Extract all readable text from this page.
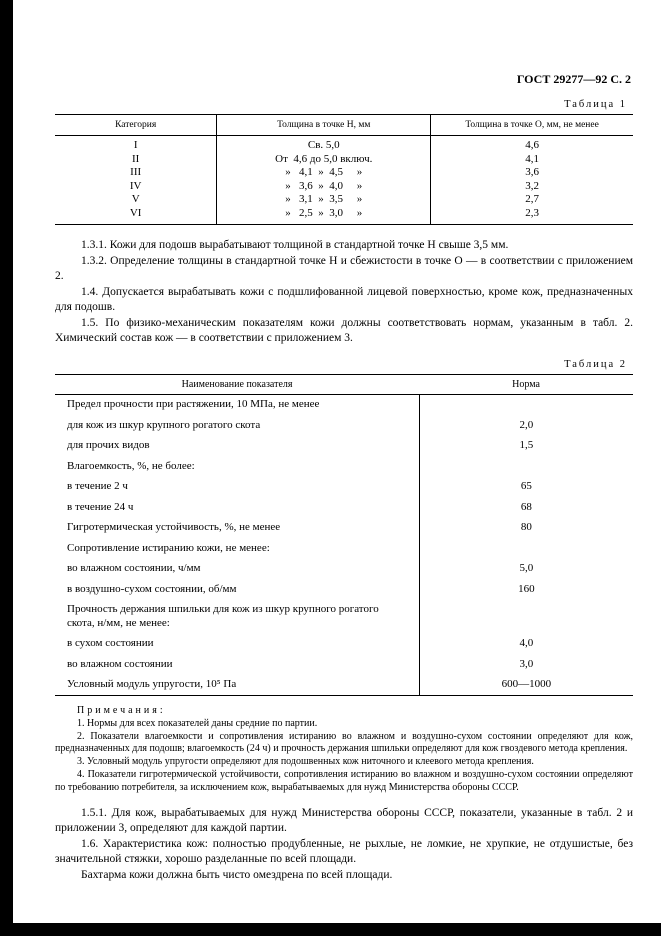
ГОСТ 29277—92 С. 2
Таблица 1
Категория	Толщина в точке Н, мм	Толщина в точке О, мм, не менее
I	Св. 5,0	4,6
II	От  4,6 до 5,0 включ.	4,1
III	»   4,1  »  4,5     »	3,6
IV	»   3,6  »  4,0     »	3,2
V	»   3,1  »  3,5     »	2,7
VI	»   2,5  »  3,0     »	2,3
1.3.1. Кожи для подошв вырабатывают толщиной в стандартной точке Н свыше 3,5 мм.
1.3.2. Определение толщины в стандартной точке Н и сбежистости в точке О — в соответствии с приложением 2.
1.4. Допускается вырабатывать кожи с подшлифованной лицевой поверхностью, кроме кож, предназначенных для подошв.
1.5. По физико-механическим показателям кожи должны соответствовать нормам, указанным в табл. 2. Химический состав кож — в соответствии с приложением 3.
Таблица 2
Наименование показателя	Норма
Предел прочности при растяжении, 10 МПа, не менее	
для кож из шкур крупного рогатого скота	2,0
для прочих видов	1,5
Влагоемкость, %, не более:	
в течение 2 ч	65
в течение 24 ч	68
Гигротермическая устойчивость, %, не менее	80
Сопротивление истиранию кожи, не менее:	
во влажном состоянии, ч/мм	5,0
в воздушно-сухом состоянии, об/мм	160
Прочность держания шпильки для кож из шкур крупного рогатого скота, н/мм, не менее:	
в сухом состоянии	4,0
во влажном состоянии	3,0
Условный модуль упругости, 10⁵ Па	600—1000
Примечания:
1. Нормы для всех показателей даны средние по партии.
2. Показатели влагоемкости и сопротивления истиранию во влажном и воздушно-сухом состоянии определяют для кож, предназначенных для подошв; влагоемкость (24 ч) и прочность держания шпильки определяют для кож гвоздевого метода крепления.
3. Условный модуль упругости определяют для подошвенных кож ниточного и клеевого метода крепления.
4. Показатели гигротермической устойчивости, сопротивления истиранию во влажном и воздушно-сухом состоянии определяют по требованию потребителя, за исключением кож, вырабатываемых для нужд Министерства обороны СССР.
1.5.1. Для кож, вырабатываемых для нужд Министерства обороны СССР, показатели, указанные в табл. 2 и приложении 3, определяют для каждой партии.
1.6. Характеристика кож: полностью продубленные, не рыхлые, не ломкие, не хрупкие, не отдушистые, без значительной стяжки, хорошо разделанные по всей площади.
Бахтарма кожи должна быть чисто омездрена по всей площади.
